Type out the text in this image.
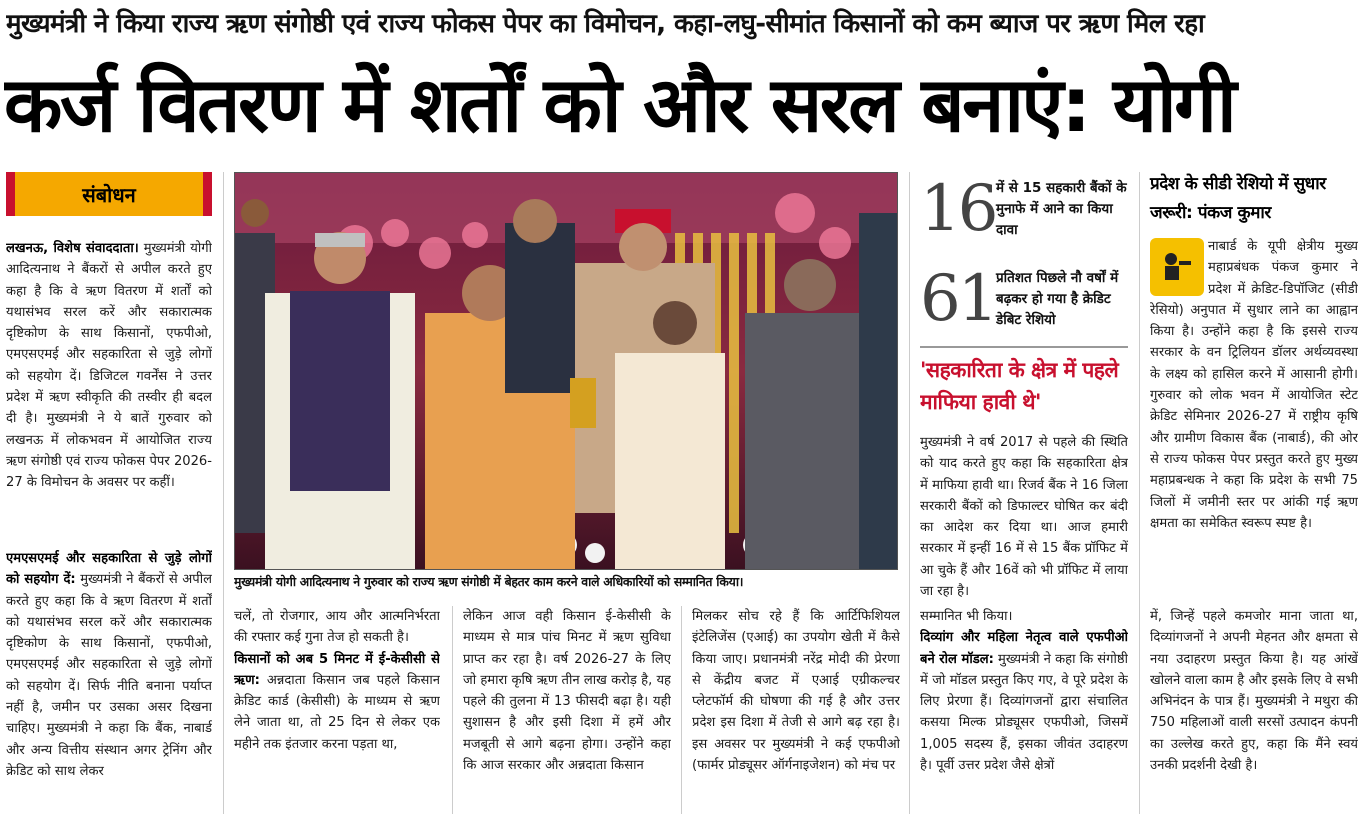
मुख्यमंत्री ने किया राज्य ऋण संगोष्ठी एवं राज्य फोकस पेपर का विमोचन, कहा-लघु-सीमांत किसानों को कम ब्याज पर ऋण मिल रहा
कर्ज वितरण में शर्तों को और सरल बनाएं: योगी
संबोधन
लखनऊ, विशेष संवाददाता। मुख्यमंत्री योगी आदित्यनाथ ने बैंकरों से अपील करते हुए कहा है कि वे ऋण वितरण में शर्तों को यथासंभव सरल करें और सकारात्मक दृष्टिकोण के साथ किसानों, एफपीओ, एमएसएमई और सहकारिता से जुड़े लोगों को सहयोग दें। डिजिटल गवर्नेंस ने उत्तर प्रदेश में ऋण स्वीकृति की तस्वीर ही बदल दी है। मुख्यमंत्री ने ये बातें गुरुवार को लखनऊ में लोकभवन में आयोजित राज्य ऋण संगोष्ठी एवं राज्य फोकस पेपर 2026-27 के विमोचन के अवसर पर कहीं।
एमएसएमई और सहकारिता से जुड़े लोगों को सहयोग दें: मुख्यमंत्री ने बैंकरों से अपील करते हुए कहा कि वे ऋण वितरण में शर्तों को यथासंभव सरल करें और सकारात्मक दृष्टिकोण के साथ किसानों, एफपीओ, एमएसएमई और सहकारिता से जुड़े लोगों को सहयोग दें। सिर्फ नीति बनाना पर्याप्त नहीं है, जमीन पर उसका असर दिखना चाहिए। मुख्यमंत्री ने कहा कि बैंक, नाबार्ड और अन्य वित्तीय संस्थान अगर ट्रेनिंग और क्रेडिट को साथ लेकर
मुख्यमंत्री योगी आदित्यनाथ ने गुरुवार को राज्य ऋण संगोष्ठी में बेहतर काम करने वाले अधिकारियों को सम्मानित किया।
चलें, तो रोजगार, आय और आत्मनिर्भरता की रफ्तार कई गुना तेज हो सकती है।
किसानों को अब 5 मिनट में ई-केसीसी से ऋण: अन्नदाता किसान जब पहले किसान क्रेडिट कार्ड (केसीसी) के माध्यम से ऋण लेने जाता था, तो 25 दिन से लेकर एक महीने तक इंतजार करना पड़ता था,
लेकिन आज वही किसान ई-केसीसी के माध्यम से मात्र पांच मिनट में ऋण सुविधा प्राप्त कर रहा है। वर्ष 2026-27 के लिए जो हमारा कृषि ऋण तीन लाख करोड़ है, यह पहले की तुलना में 13 फीसदी बढ़ा है। यही सुशासन है और इसी दिशा में हमें और मजबूती से आगे बढ़ना होगा। उन्होंने कहा कि आज सरकार और अन्नदाता किसान
मिलकर सोच रहे हैं कि आर्टिफिशियल इंटेलिजेंस (एआई) का उपयोग खेती में कैसे किया जाए। प्रधानमंत्री नरेंद्र मोदी की प्रेरणा से केंद्रीय बजट में एआई एग्रीकल्चर प्लेटफॉर्म की घोषणा की गई है और उत्तर प्रदेश इस दिशा में तेजी से आगे बढ़ रहा है। इस अवसर पर मुख्यमंत्री ने कई एफपीओ (फार्मर प्रोड्यूसर ऑर्गनाइजेशन) को मंच पर
16 में से 15 सहकारी बैंकों के मुनाफे में आने का किया दावा
61 प्रतिशत पिछले नौ वर्षों में बढ़कर हो गया है क्रेडिट डेबिट रेशियो
'सहकारिता के क्षेत्र में पहले माफिया हावी थे'
मुख्यमंत्री ने वर्ष 2017 से पहले की स्थिति को याद करते हुए कहा कि सहकारिता क्षेत्र में माफिया हावी था। रिजर्व बैंक ने 16 जिला सरकारी बैंकों को डिफाल्टर घोषित कर बंदी का आदेश कर दिया था। आज हमारी सरकार में इन्हीं 16 में से 15 बैंक प्रॉफिट में आ चुके हैं और 16वें को भी प्रॉफिट में लाया जा रहा है।
सम्मानित भी किया।
दिव्यांग और महिला नेतृत्व वाले एफपीओ बने रोल मॉडल: मुख्यमंत्री ने कहा कि संगोष्ठी में जो मॉडल प्रस्तुत किए गए, वे पूरे प्रदेश के लिए प्रेरणा हैं। दिव्यांगजनों द्वारा संचालित कसया मिल्क प्रोड्यूसर एफपीओ, जिसमें 1,005 सदस्य हैं, इसका जीवंत उदाहरण है। पूर्वी उत्तर प्रदेश जैसे क्षेत्रों
प्रदेश के सीडी रेशियो में सुधार जरूरी: पंकज कुमार
नाबार्ड के यूपी क्षेत्रीय मुख्य महाप्रबंधक पंकज कुमार ने प्रदेश में क्रेडिट-डिपॉजिट (सीडी रेसियो) अनुपात में सुधार लाने का आह्वान किया है। उन्होंने कहा है कि इससे राज्य सरकार के वन ट्रिलियन डॉलर अर्थव्यवस्था के लक्ष्य को हासिल करने में आसानी होगी। गुरुवार को लोक भवन में आयोजित स्टेट क्रेडिट सेमिनार 2026-27 में राष्ट्रीय कृषि और ग्रामीण विकास बैंक (नाबार्ड), की ओर से राज्य फोकस पेपर प्रस्तुत करते हुए मुख्य महाप्रबन्धक ने कहा कि प्रदेश के सभी 75 जिलों में जमीनी स्तर पर आंकी गई ऋण क्षमता का समेकित स्वरूप स्पष्ट है।
में, जिन्हें पहले कमजोर माना जाता था, दिव्यांगजनों ने अपनी मेहनत और क्षमता से नया उदाहरण प्रस्तुत किया है। यह आंखें खोलने वाला काम है और इसके लिए वे सभी अभिनंदन के पात्र हैं। मुख्यमंत्री ने मथुरा की 750 महिलाओं वाली सरसों उत्पादन कंपनी का उल्लेख करते हुए, कहा कि मैंने स्वयं उनकी प्रदर्शनी देखी है।
